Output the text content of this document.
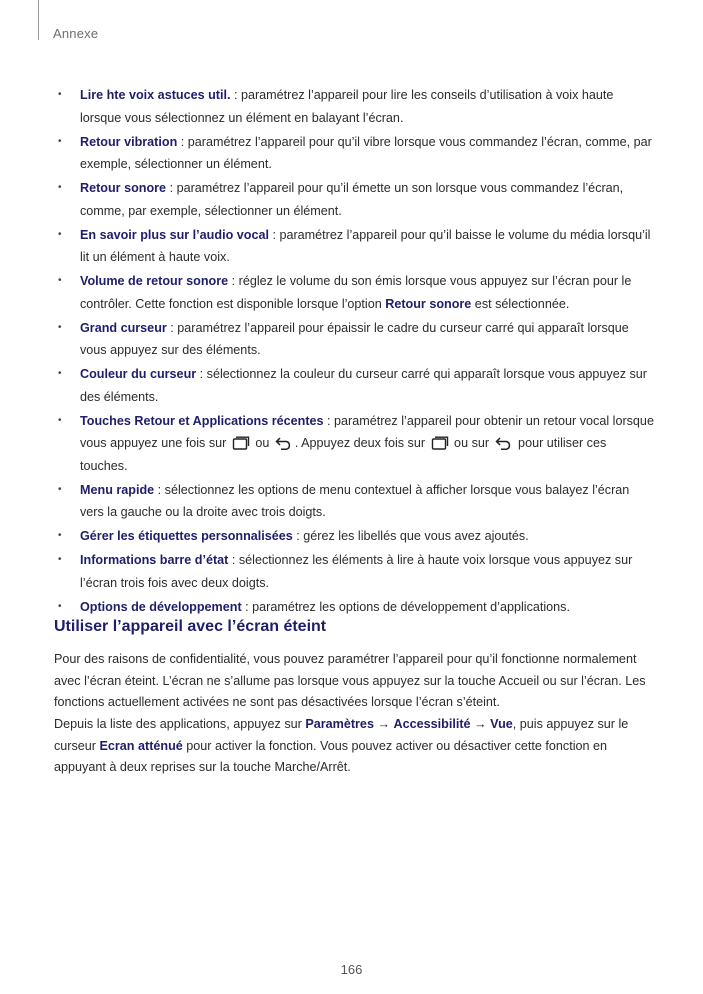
Annexe
• Lire hte voix astuces util. : paramétrez l’appareil pour lire les conseils d’utilisation à voix haute lorsque vous sélectionnez un élément en balayant l’écran.
• Retour vibration : paramétrez l’appareil pour qu’il vibre lorsque vous commandez l’écran, comme, par exemple, sélectionner un élément.
• Retour sonore : paramétrez l’appareil pour qu’il émette un son lorsque vous commandez l’écran, comme, par exemple, sélectionner un élément.
• En savoir plus sur l’audio vocal : paramétrez l’appareil pour qu’il baisse le volume du média lorsqu’il lit un élément à haute voix.
• Volume de retour sonore : réglez le volume du son émis lorsque vous appuyez sur l’écran pour le contrôler. Cette fonction est disponible lorsque l’option Retour sonore est sélectionnée.
• Grand curseur : paramétrez l’appareil pour épaissir le cadre du curseur carré qui apparaît lorsque vous appuyez sur des éléments.
• Couleur du curseur : sélectionnez la couleur du curseur carré qui apparaît lorsque vous appuyez sur des éléments.
• Touches Retour et Applications récentes : paramétrez l’appareil pour obtenir un retour vocal lorsque vous appuyez une fois sur
ou
. Appuyez deux fois sur
ou sur
pour utiliser ces touches.
• Menu rapide : sélectionnez les options de menu contextuel à afficher lorsque vous balayez l’écran vers la gauche ou la droite avec trois doigts.
• Gérer les étiquettes personnalisées : gérez les libellés que vous avez ajoutés.
• Informations barre d’état : sélectionnez les éléments à lire à haute voix lorsque vous appuyez sur l’écran trois fois avec deux doigts.
• Options de développement : paramétrez les options de développement d’applications.
Utiliser l’appareil avec l’écran éteint

Pour des raisons de confidentialité, vous pouvez paramétrer l’appareil pour qu’il fonctionne normalement avec l’écran éteint. L’écran ne s’allume pas lorsque vous appuyez sur la touche Accueil ou sur l’écran. Les fonctions actuellement activées ne sont pas désactivées lorsque l’écran s’éteint.

Depuis la liste des applications, appuyez sur Paramètres → Accessibilité → Vue, puis appuyez sur le curseur Ecran atténué pour activer la fonction. Vous pouvez activer ou désactiver cette fonction en appuyant à deux reprises sur la touche Marche/Arrêt.

166
